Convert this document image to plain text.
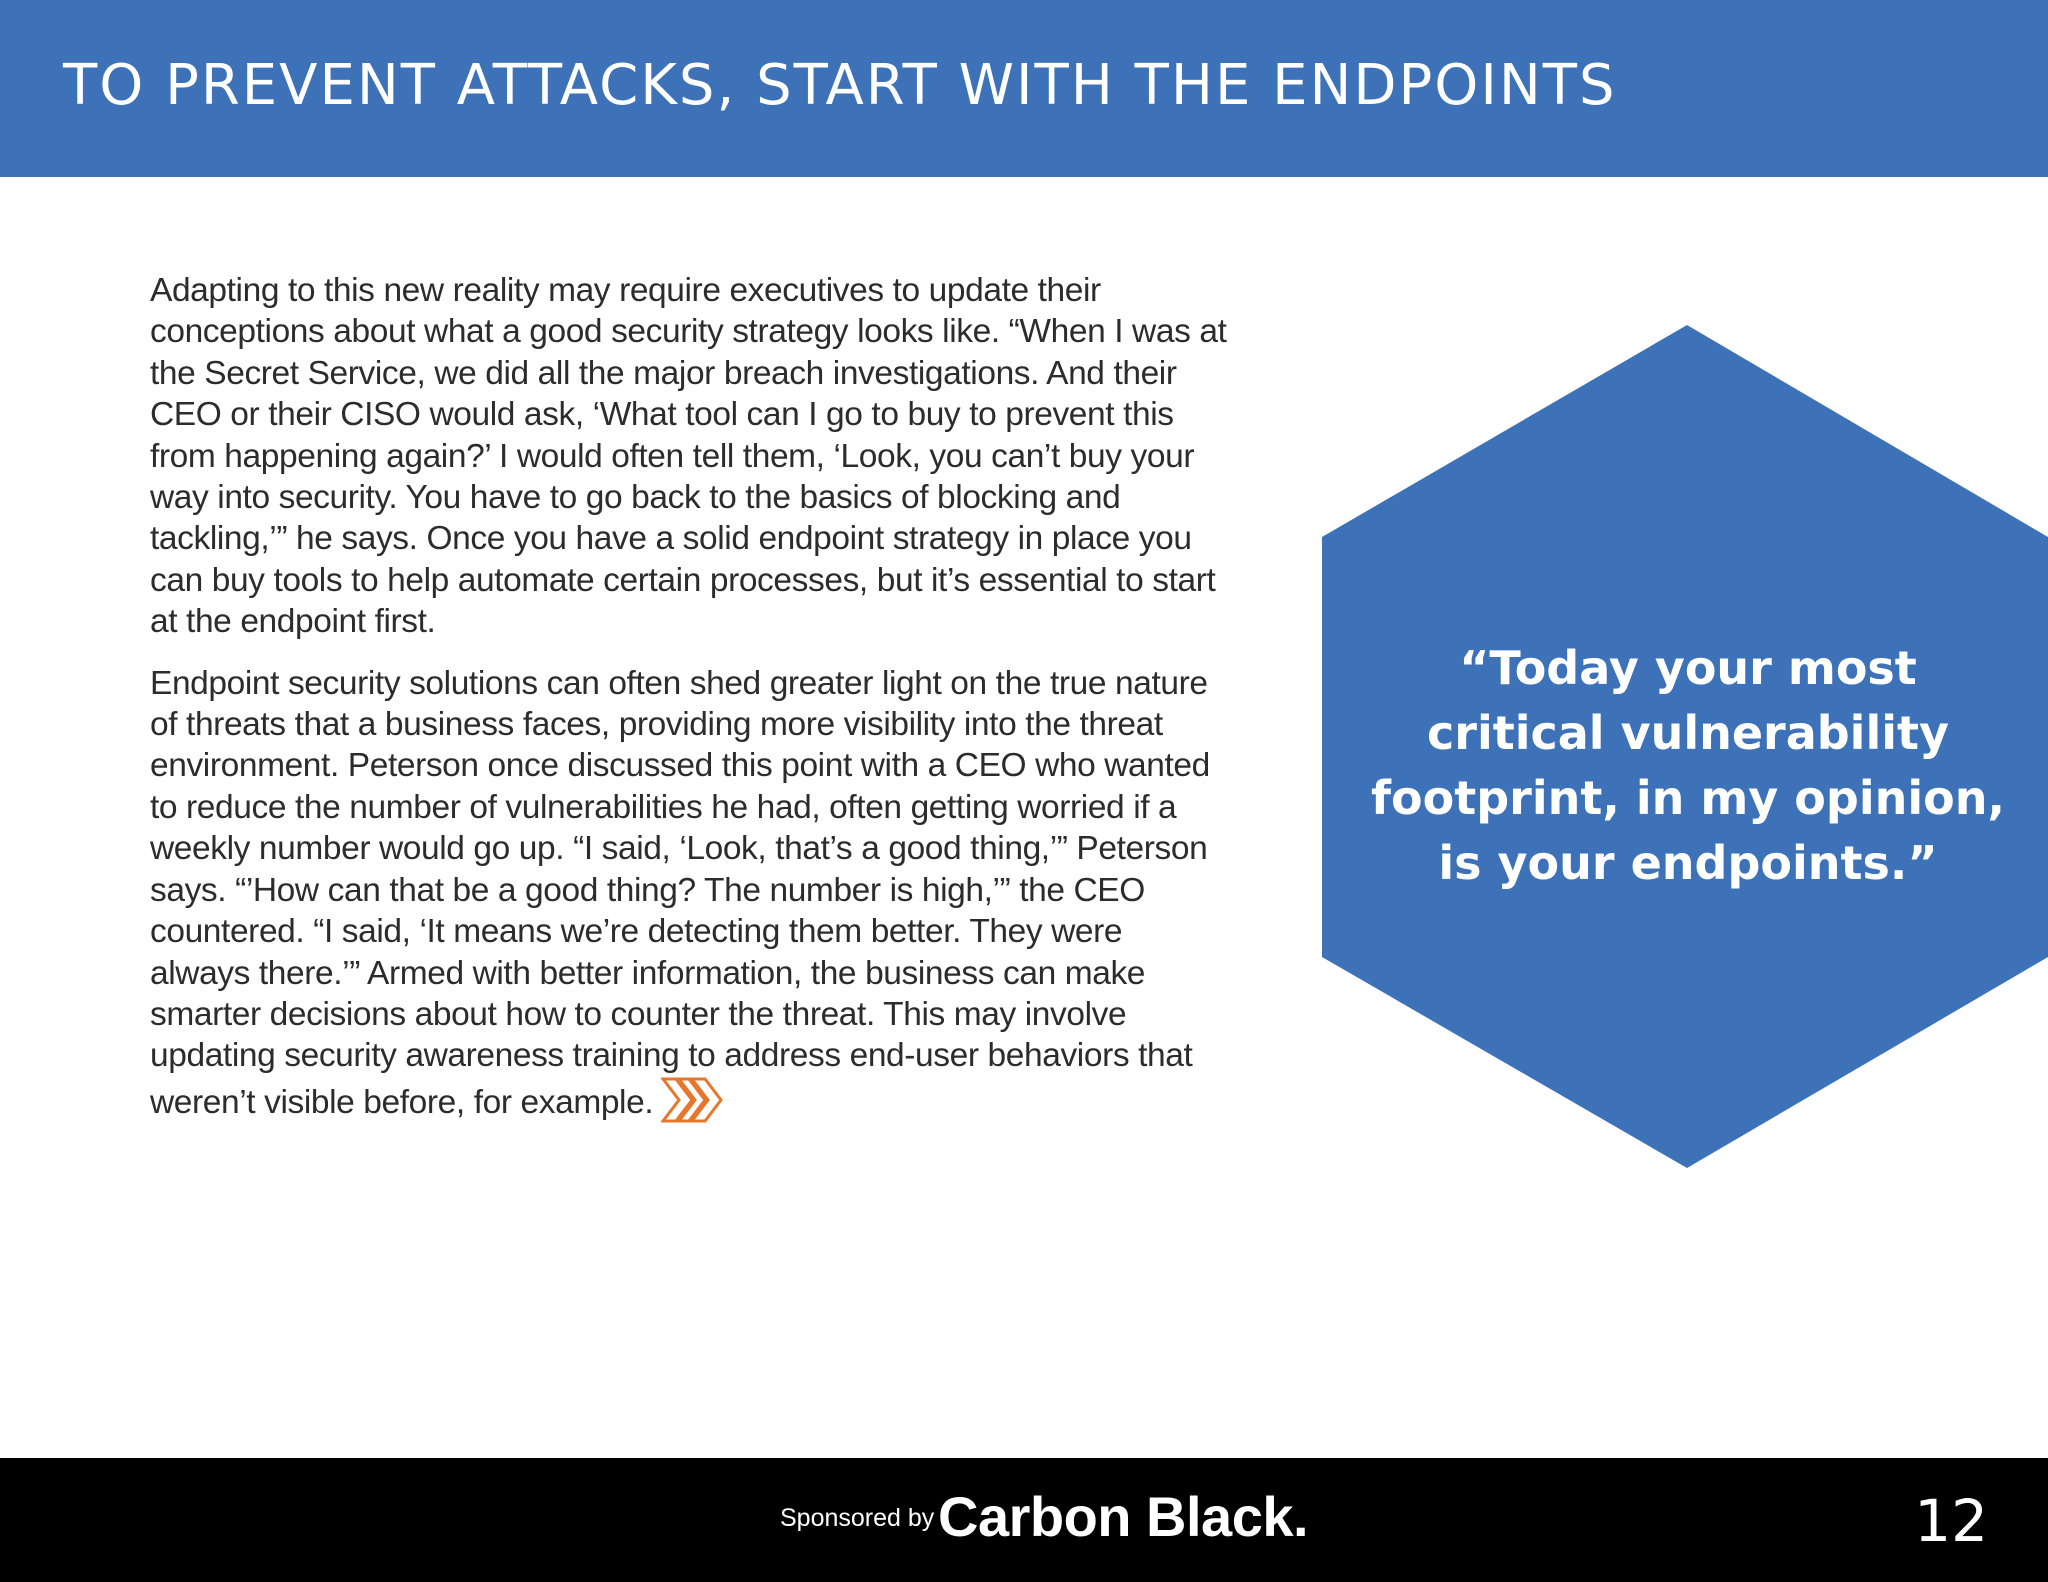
TO PREVENT ATTACKS, START WITH THE ENDPOINTS

Adapting to this new reality may require executives to update their conceptions about what a good security strategy looks like. “When I was at the Secret Service, we did all the major breach investigations. And their CEO or their CISO would ask, ‘What tool can I go to buy to prevent this from happening again?’ I would often tell them, ‘Look, you can’t buy your way into security. You have to go back to the basics of blocking and tackling,’” he says. Once you have a solid endpoint strategy in place you can buy tools to help automate certain processes, but it’s essential to start at the endpoint first.

Endpoint security solutions can often shed greater light on the true nature of threats that a business faces, providing more visibility into the threat environment. Peterson once discussed this point with a CEO who wanted to reduce the number of vulnerabilities he had, often getting worried if a weekly number would go up. “I said, ‘Look, that’s a good thing,’” Peterson says. “’How can that be a good thing? The number is high,’” the CEO countered. “I said, ‘It means we’re detecting them better. They were always there.’” Armed with better information, the business can make smarter decisions about how to counter the threat. This may involve updating security awareness training to address end-user behaviors that weren’t visible before, for example.

“Today your most critical vulnerability footprint, in my opinion, is your endpoints.”

Sponsored by Carbon Black.	12
